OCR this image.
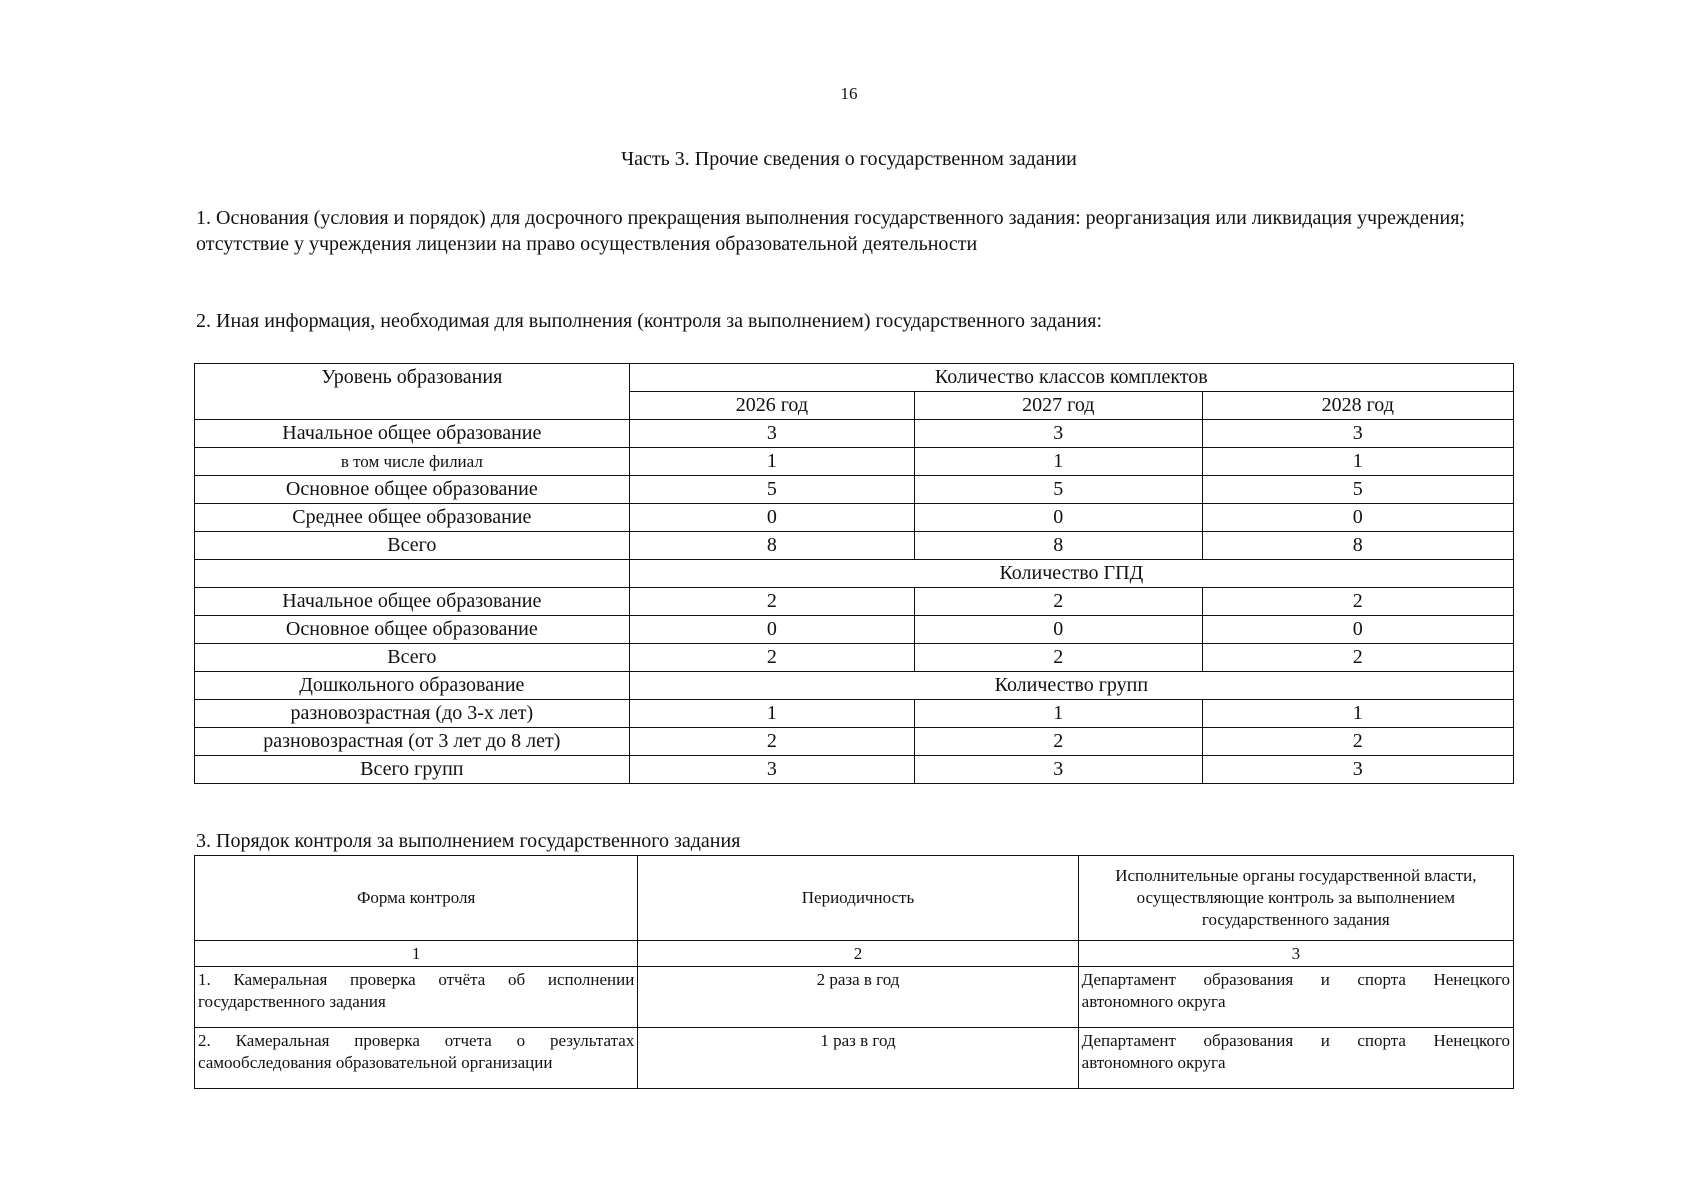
16
Часть 3. Прочие сведения о государственном задании
1. Основания (условия и порядок) для досрочного прекращения выполнения государственного задания: реорганизация или ликвидация учреждения; отсутствие у учреждения лицензии на право осуществления образовательной деятельности
2. Иная информация, необходимая для выполнения (контроля за выполнением) государственного задания:
Уровень образования	Количество классов комплектов		
	2026 год	2027 год	2028 год
Начальное общее образование	3	3	3
в том числе филиал	1	1	1
Основное общее образование	5	5	5
Среднее общее образование	0	0	0
Всего	8	8	8
	Количество ГПД		
Начальное общее образование	2	2	2
Основное общее образование	0	0	0
Всего	2	2	2
Дошкольного образование	Количество групп		
разновозрастная (до 3-х лет)	1	1	1
разновозрастная (от 3 лет до 8 лет)	2	2	2
Всего групп	3	3	3
3. Порядок контроля за выполнением государственного задания
Форма контроля	Периодичность	Исполнительные органы государственной власти, осуществляющие контроль за выполнением государственного задания
1	2	3
1. Камеральная проверка отчёта об исполнении государственного задания	2 раза в год	Департамент образования и спорта Ненецкого автономного округа
2. Камеральная проверка отчета о результатах самообследования образовательной организации	1 раз в год	Департамент образования и спорта Ненецкого автономного округа
